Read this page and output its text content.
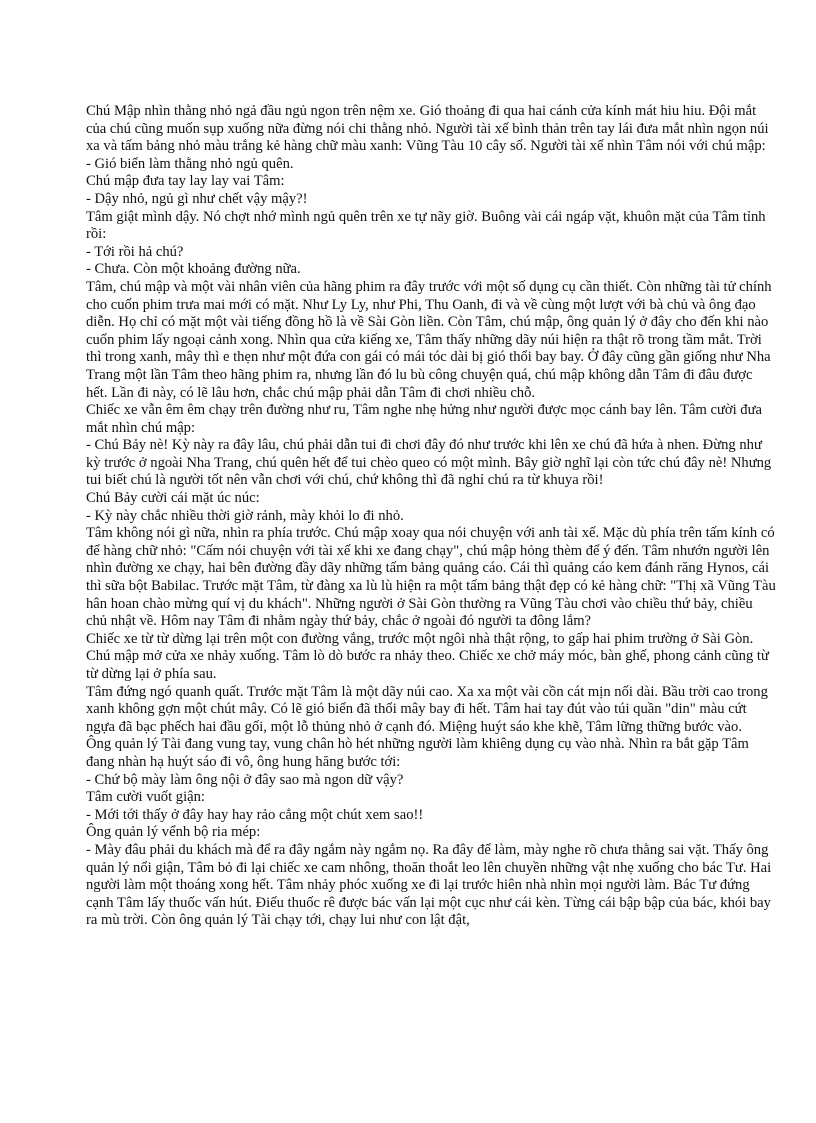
Chú Mập nhìn thằng nhỏ ngả đầu ngủ ngon trên nệm xe. Gió thoảng đi qua hai cánh cửa kính mát hiu hiu. Đội mắt của chú cũng muốn sụp xuống nữa đừng nói chi thằng nhỏ. Người tài xế bình thản trên tay lái đưa mắt nhìn ngọn núi xa và tấm bảng nhỏ màu trắng kẻ hàng chữ màu xanh: Vũng Tàu 10 cây số. Người tài xế nhìn Tâm nói với chú mập:

- Gió biển làm thằng nhỏ ngủ quên.

Chú mập đưa tay lay lay vai Tâm:

- Dậy nhỏ, ngủ gì như chết vậy mậy?!

Tâm giật mình dậy. Nó chợt nhớ mình ngủ quên trên xe tự nãy giờ. Buông vài cái ngáp vặt, khuôn mặt của Tâm tỉnh rồi:

- Tới rồi hả chú?

- Chưa. Còn một khoảng đường nữa.

Tâm, chú mập và một vài nhân viên của hãng phim ra đây trước với một số dụng cụ cần thiết. Còn những tài tử chính cho cuốn phim trưa mai mới có mặt. Như Ly Ly, như Phi, Thu Oanh, đi và về cùng một lượt với bà chủ và ông đạo diễn. Họ chỉ có mặt một vài tiếng đồng hồ là về Sài Gòn liền. Còn Tâm, chú mập, ông quản lý ở đây cho đến khi nào cuốn phim lấy ngoại cảnh xong. Nhìn qua cửa kiếng xe, Tâm thấy những dãy núi hiện ra thật rõ trong tầm mắt. Trời thì trong xanh, mây thì e thẹn như một đứa con gái có mái tóc dài bị gió thổi bay bay. Ở đây cũng gần giống như Nha Trang một lần Tâm theo hãng phim ra, nhưng lần đó lu bù công chuyện quá, chú mập không dẫn Tâm đi đâu được hết. Lần đi này, có lẽ lâu hơn, chắc chú mập phải dẫn Tâm đi chơi nhiều chỗ.

Chiếc xe vẫn êm êm chạy trên đường như ru, Tâm nghe nhẹ hửng như người được mọc cánh bay lên. Tâm cười đưa mắt nhìn chú mập:

- Chú Bảy nè! Kỳ này ra đây lâu, chú phải dẫn tui đi chơi đây đó như trước khi lên xe chú đã hứa à nhen. Đừng như kỳ trước ở ngoài Nha Trang, chú quên hết để tui chèo queo có một mình. Bây giờ nghĩ lại còn tức chú đây nè! Nhưng tui biết chú là người tốt nên vẫn chơi với chú, chứ không thì đã nghỉ chú ra từ khuya rồi!

Chú Bảy cười cái mặt úc núc:

- Kỳ này chắc nhiều thời giờ rảnh, mày khỏi lo đi nhỏ.

Tâm không nói gì nữa, nhìn ra phía trước. Chú mập xoay qua nói chuyện với anh tài xế. Mặc dù phía trên tấm kính có để hàng chữ nhỏ: "Cấm nói chuyện với tài xế khi xe đang chạy", chú mập hỏng thèm để ý đến. Tâm nhướn người lên nhìn đường xe chạy, hai bên đường đầy dãy những tấm bảng quảng cáo. Cái thì quảng cáo kem đánh răng Hynos, cái thì sữa bột Babilac. Trước mặt Tâm, từ đàng xa lù lù hiện ra một tấm bảng thật đẹp có kẻ hàng chữ: "Thị xã Vũng Tàu hân hoan chào mừng quí vị du khách". Những người ở Sài Gòn thường ra Vũng Tàu chơi vào chiều thứ bảy, chiều chủ nhật về. Hôm nay Tâm đi nhằm ngày thứ bảy, chắc ở ngoài đó người ta đông lắm?

Chiếc xe từ từ dừng lại trên một con đường vắng, trước một ngôi nhà thật rộng, to gấp hai phim trường ở Sài Gòn. Chú mập mở cửa xe nhảy xuống. Tâm lò dò bước ra nhảy theo. Chiếc xe chở máy móc, bàn ghế, phong cảnh cũng từ từ dừng lại ở phía sau.

Tâm đứng ngó quanh quất. Trước mặt Tâm là một dãy núi cao. Xa xa một vài cồn cát mịn nối dài. Bầu trời cao trong xanh không gợn một chút mây. Có lẽ gió biển đã thổi mây bay đi hết. Tâm hai tay đút vào túi quần "din" màu cứt ngựa đã bạc phếch hai đầu gối, một lỗ thủng nhỏ ở cạnh đó. Miệng huýt sáo khe khẽ, Tâm lững thững bước vào.

Ông quản lý Tài đang vung tay, vung chân hò hét những người làm khiêng dụng cụ vào nhà. Nhìn ra bắt gặp Tâm đang nhàn hạ huýt sáo đi vô, ông hung hăng bước tới:

- Chứ bộ mày làm ông nội ở đây sao mà ngon dữ vậy?

Tâm cười vuốt giận:

- Mới tới thấy ở đây hay hay rảo cẳng một chút xem sao!!

Ông quản lý vểnh bộ ria mép:

- Mày đâu phải du khách mà để ra đây ngắm này ngắm nọ. Ra đây để làm, mày nghe rõ chưa thằng sai vặt. Thấy ông quản lý nổi giận, Tâm bỏ đi lại chiếc xe cam nhông, thoăn thoắt leo lên chuyền những vật nhẹ xuống cho bác Tư. Hai người làm một thoáng xong hết. Tâm nhảy phóc xuống xe đi lại trước hiên nhà nhìn mọi người làm. Bác Tư đứng cạnh Tâm lấy thuốc vấn hút. Điếu thuốc rê được bác vấn lại một cục như cái kèn. Từng cái bập bập của bác, khói bay ra mù trời. Còn ông quản lý Tài chạy tới, chạy lui như con lật đật,
